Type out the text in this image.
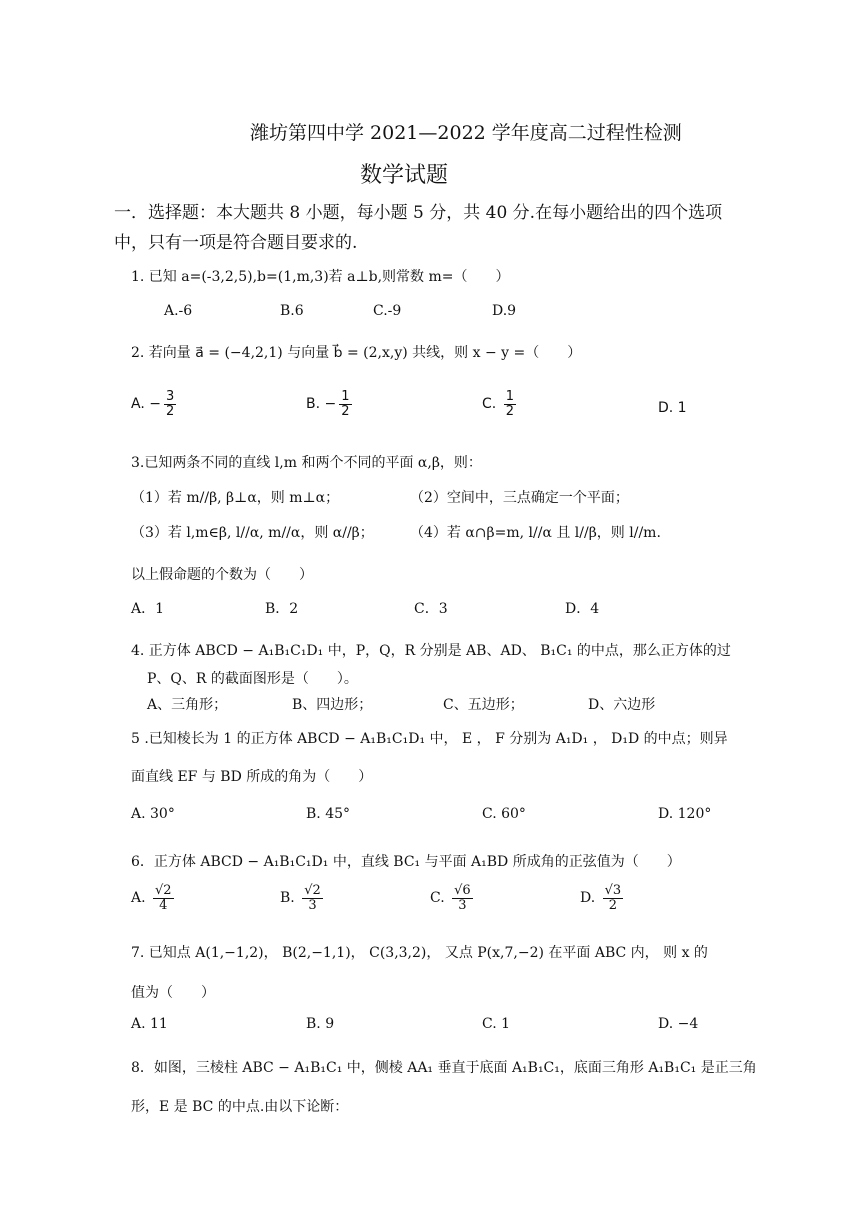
潍坊第四中学 2021—2022 学年度高二过程性检测
数学试题
一．选择题：本大题共 8 小题，每小题 5 分，共 40 分.在每小题给出的四个选项
中，只有一项是符合题目要求的.
1. 已知 a=(-3,2,5),b=(1,m,3)若 a⊥b,则常数 m=（　　）
A.-6	B.6	C.-9	D.9
2. 若向量 a⃗ = (−4,2,1) 与向量 b⃗ = (2,x,y) 共线，则 x − y =（　　）
A. − $\frac{3}{2}$	B. − $\frac{1}{2}$	C. $\frac{1}{2}$	D. 1
3.已知两条不同的直线 l,m 和两个不同的平面 α,β，则：
（1）若 m//β, β⊥α，则 m⊥α；	（2）空间中，三点确定一个平面；
（3）若 l,m∈β, l//α, m//α，则 α//β；	（4）若 α∩β=m, l//α 且 l//β，则 l//m.
以上假命题的个数为（　　）
A．1	B．2	C．3	D．4
4. 正方体 ABCD − A₁B₁C₁D₁ 中，P，Q，R 分别是 AB、AD、 B₁C₁ 的中点，那么正方体的过
P、Q、R 的截面图形是（　　）。
A、三角形；	B、四边形；	C、五边形；	D、六边形
5 .已知棱长为 1 的正方体 ABCD − A₁B₁C₁D₁ 中， E ， F 分别为 A₁D₁ ， D₁D 的中点；则异
面直线 EF 与 BD 所成的角为（　　）
A. 30°	B. 45°	C. 60°	D. 120°
6．正方体 ABCD − A₁B₁C₁D₁ 中，直线 BC₁ 与平面 A₁BD 所成角的正弦值为（　　）
A. $\frac{√2}{4}$	B. $\frac{√2}{3}$	C. $\frac{√6}{3}$	D. $\frac{√3}{2}$
7. 已知点 A(1,−1,2)， B(2,−1,1)， C(3,3,2)， 又点 P(x,7,−2) 在平面 ABC 内， 则 x 的
值为（　　）
A. 11	B. 9	C. 1	D. −4
8．如图，三棱柱 ABC − A₁B₁C₁ 中，侧棱 AA₁ 垂直于底面 A₁B₁C₁，底面三角形 A₁B₁C₁ 是正三角
形，E 是 BC 的中点.由以下论断：
